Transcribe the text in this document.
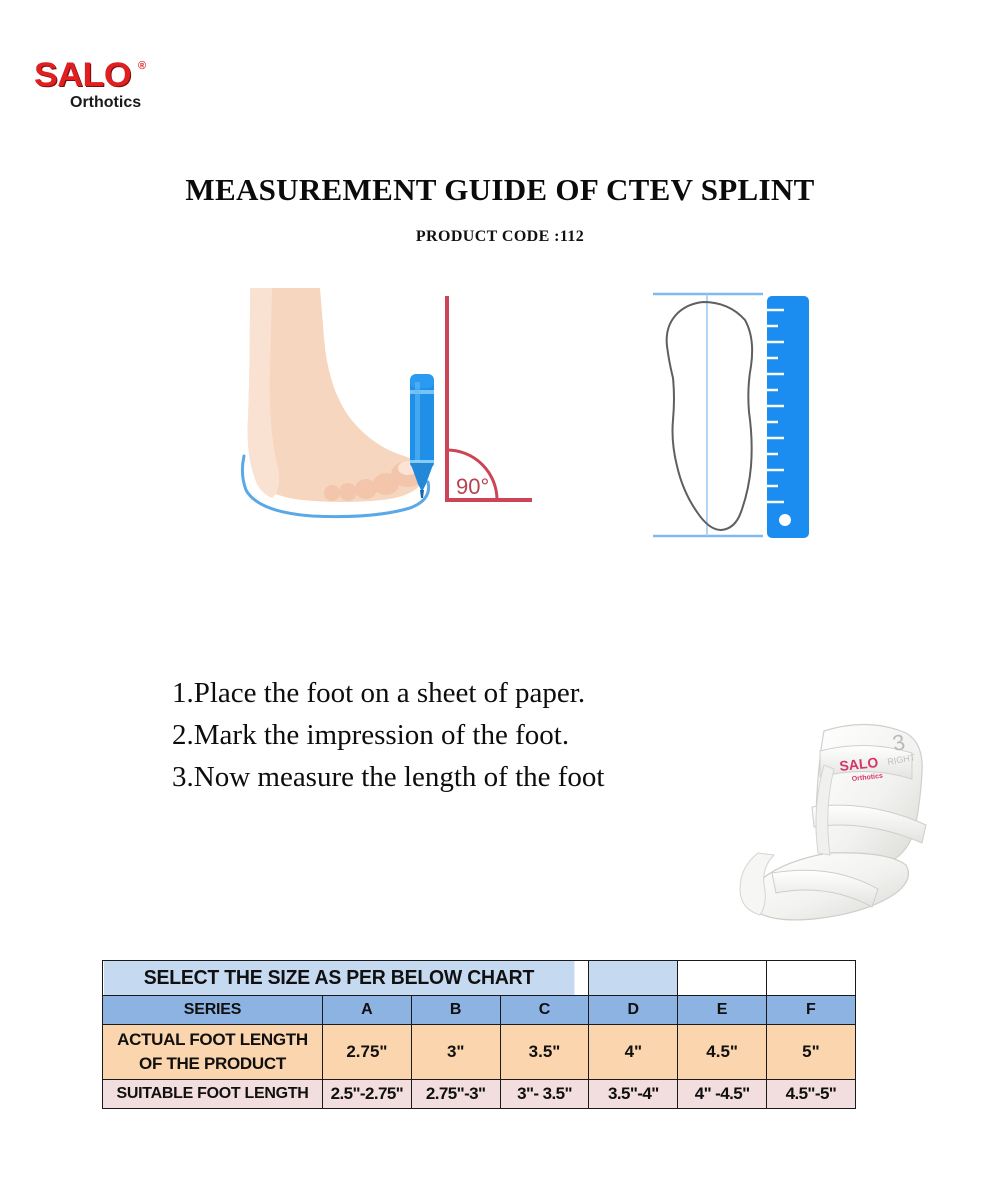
SALO ®
Orthotics
MEASUREMENT GUIDE OF CTEV SPLINT
PRODUCT CODE :112
90°
1.Place the foot on a sheet of paper.
2.Mark the impression of the foot.
3.Now measure the length of the foot	SALO
Orthotics
3
RIGHT
SELECT THE SIZE AS PER BELOW CHART						
SERIES	A	B	C	D	E	F

ACTUAL FOOT LENGTH
OF THE PRODUCT	2.75"	3"	3.5"	4"	4.5"	5"
SUITABLE FOOT LENGTH	2.5"-2.75"	2.75"-3"	3"- 3.5"	3.5"-4"	4" -4.5"	4.5"-5"
